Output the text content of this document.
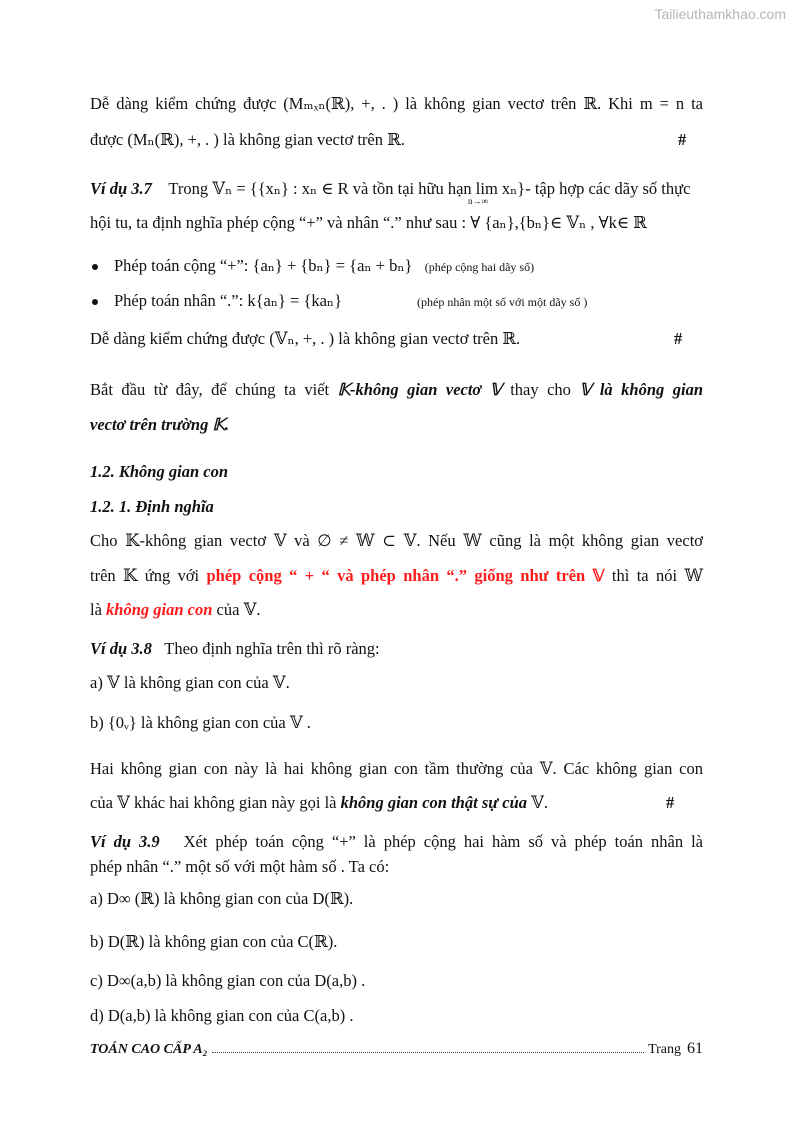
Tailieuthamkhao.com
Dễ dàng kiểm chứng được (Mₘₓₙ(ℝ), +, . ) là không gian vectơ trên ℝ. Khi m = n ta
được (Mₙ(ℝ), +, . ) là không gian vectơ trên ℝ.	#
Ví dụ 3.7 Trong 𝕍ₙ = {{xₙ} : xₙ ∈ R và tồn tại hữu hạn lim xₙ}- tập hợp các dãy số thực
n→∞
hội tu, ta định nghĩa phép cộng “+” và nhân “.” như sau : ∀ {aₙ},{bₙ}∈ 𝕍ₙ , ∀k∈ ℝ
Phép toán cộng “+”: {aₙ} + {bₙ} = {aₙ + bₙ} (phép cộng hai dãy số)
Phép toán nhân “.”: k{aₙ} = {kaₙ}	(phép nhân một số với một dãy số )
Dễ dàng kiểm chứng được (𝕍ₙ, +, . ) là không gian vectơ trên ℝ.	#
Bắt đầu từ đây, để chúng ta viết 𝕂-không gian vectơ 𝕍 thay cho 𝕍 là không gian
vectơ trên trường 𝕂.
1.2. Không gian con
1.2. 1. Định nghĩa
Cho 𝕂-không gian vectơ 𝕍 và ∅ ≠ 𝕎 ⊂ 𝕍. Nếu 𝕎 cũng là một không gian vectơ
trên 𝕂 ứng với phép cộng “ + “ và phép nhân “.” giống như trên 𝕍 thì ta nói 𝕎
là không gian con của 𝕍.
Ví dụ 3.8 Theo định nghĩa trên thì rõ ràng:
a) 𝕍 là không gian con của 𝕍.
b) {0ᵥ} là không gian con của 𝕍 .
Hai không gian con này là hai không gian con tầm thường của 𝕍. Các không gian con
của 𝕍 khác hai không gian này gọi là không gian con thật sự của 𝕍.	#
Ví dụ 3.9 Xét phép toán cộng “+” là phép cộng hai hàm số và phép toán nhân là
phép nhân “.” một số với một hàm số . Ta có:
a) D∞ (ℝ) là không gian con của D(ℝ).
b) D(ℝ) là không gian con của C(ℝ).
c) D∞(a,b) là không gian con của D(a,b) .
d) D(a,b) là không gian con của C(a,b) .
TOÁN CAO CẤP A₂	Trang 61
